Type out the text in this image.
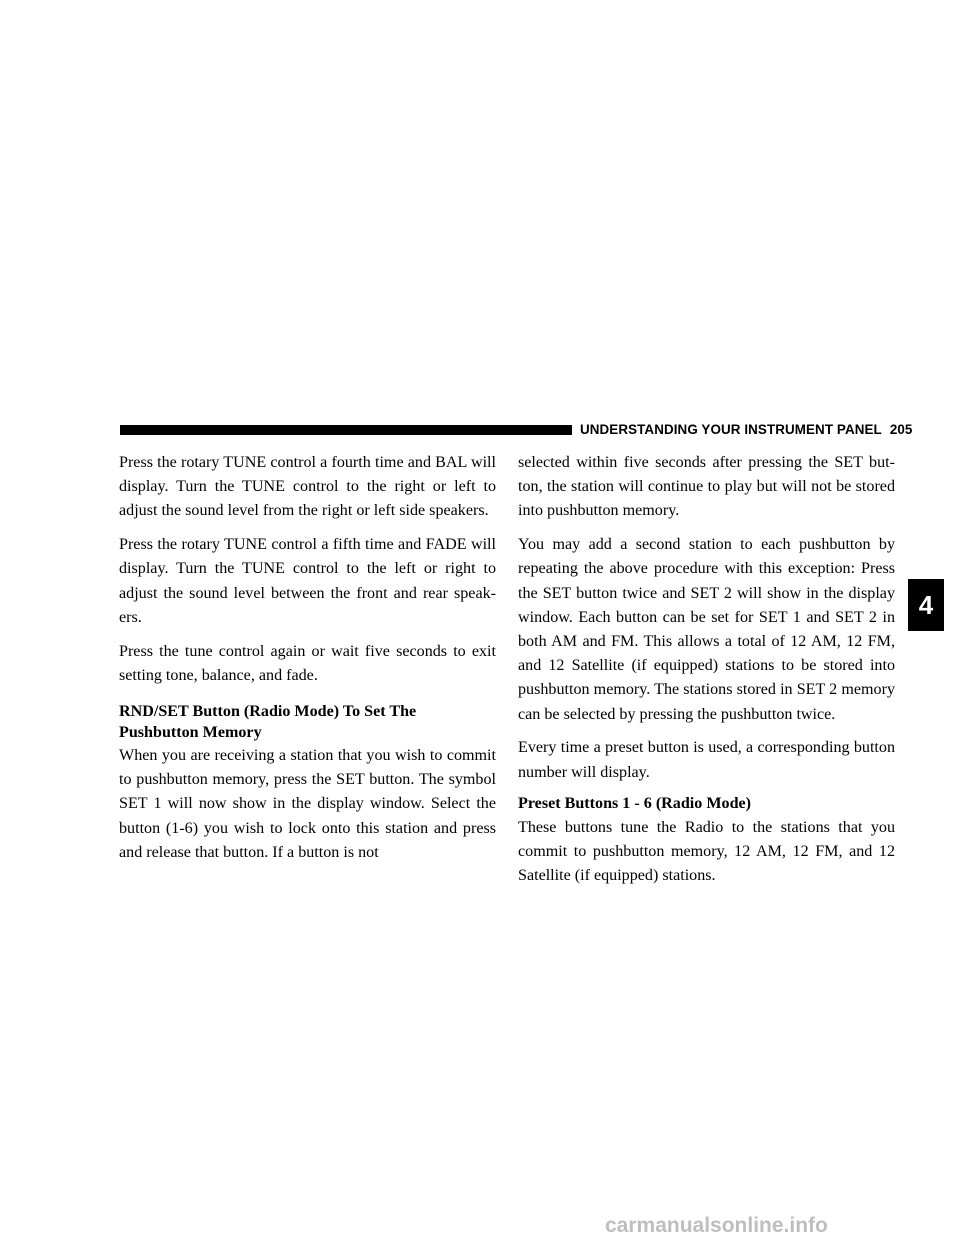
UNDERSTANDING YOUR INSTRUMENT PANEL 205

Press the rotary TUNE control a fourth time and BAL will display. Turn the TUNE control to the right or left to adjust the sound level from the right or left side speakers.

Press the rotary TUNE control a fifth time and FADE will display. Turn the TUNE control to the left or right to adjust the sound level between the front and rear speak-ers.

Press the tune control again or wait five seconds to exit setting tone, balance, and fade.

RND/SET Button (Radio Mode) To Set The Pushbutton Memory

When you are receiving a station that you wish to commit to pushbutton memory, press the SET button. The symbol SET 1 will now show in the display window. Select the button (1-6) you wish to lock onto this station and press and release that button. If a button is not

selected within five seconds after pressing the SET but-ton, the station will continue to play but will not be stored into pushbutton memory.

You may add a second station to each pushbutton by repeating the above procedure with this exception: Press the SET button twice and SET 2 will show in the display window. Each button can be set for SET 1 and SET 2 in both AM and FM. This allows a total of 12 AM, 12 FM, and 12 Satellite (if equipped) stations to be stored into pushbutton memory. The stations stored in SET 2 memory can be selected by pressing the pushbutton twice.

Every time a preset button is used, a corresponding button number will display.

Preset Buttons 1 - 6 (Radio Mode)

These buttons tune the Radio to the stations that you commit to pushbutton memory, 12 AM, 12 FM, and 12 Satellite (if equipped) stations.

4
carmanualsonline.info
